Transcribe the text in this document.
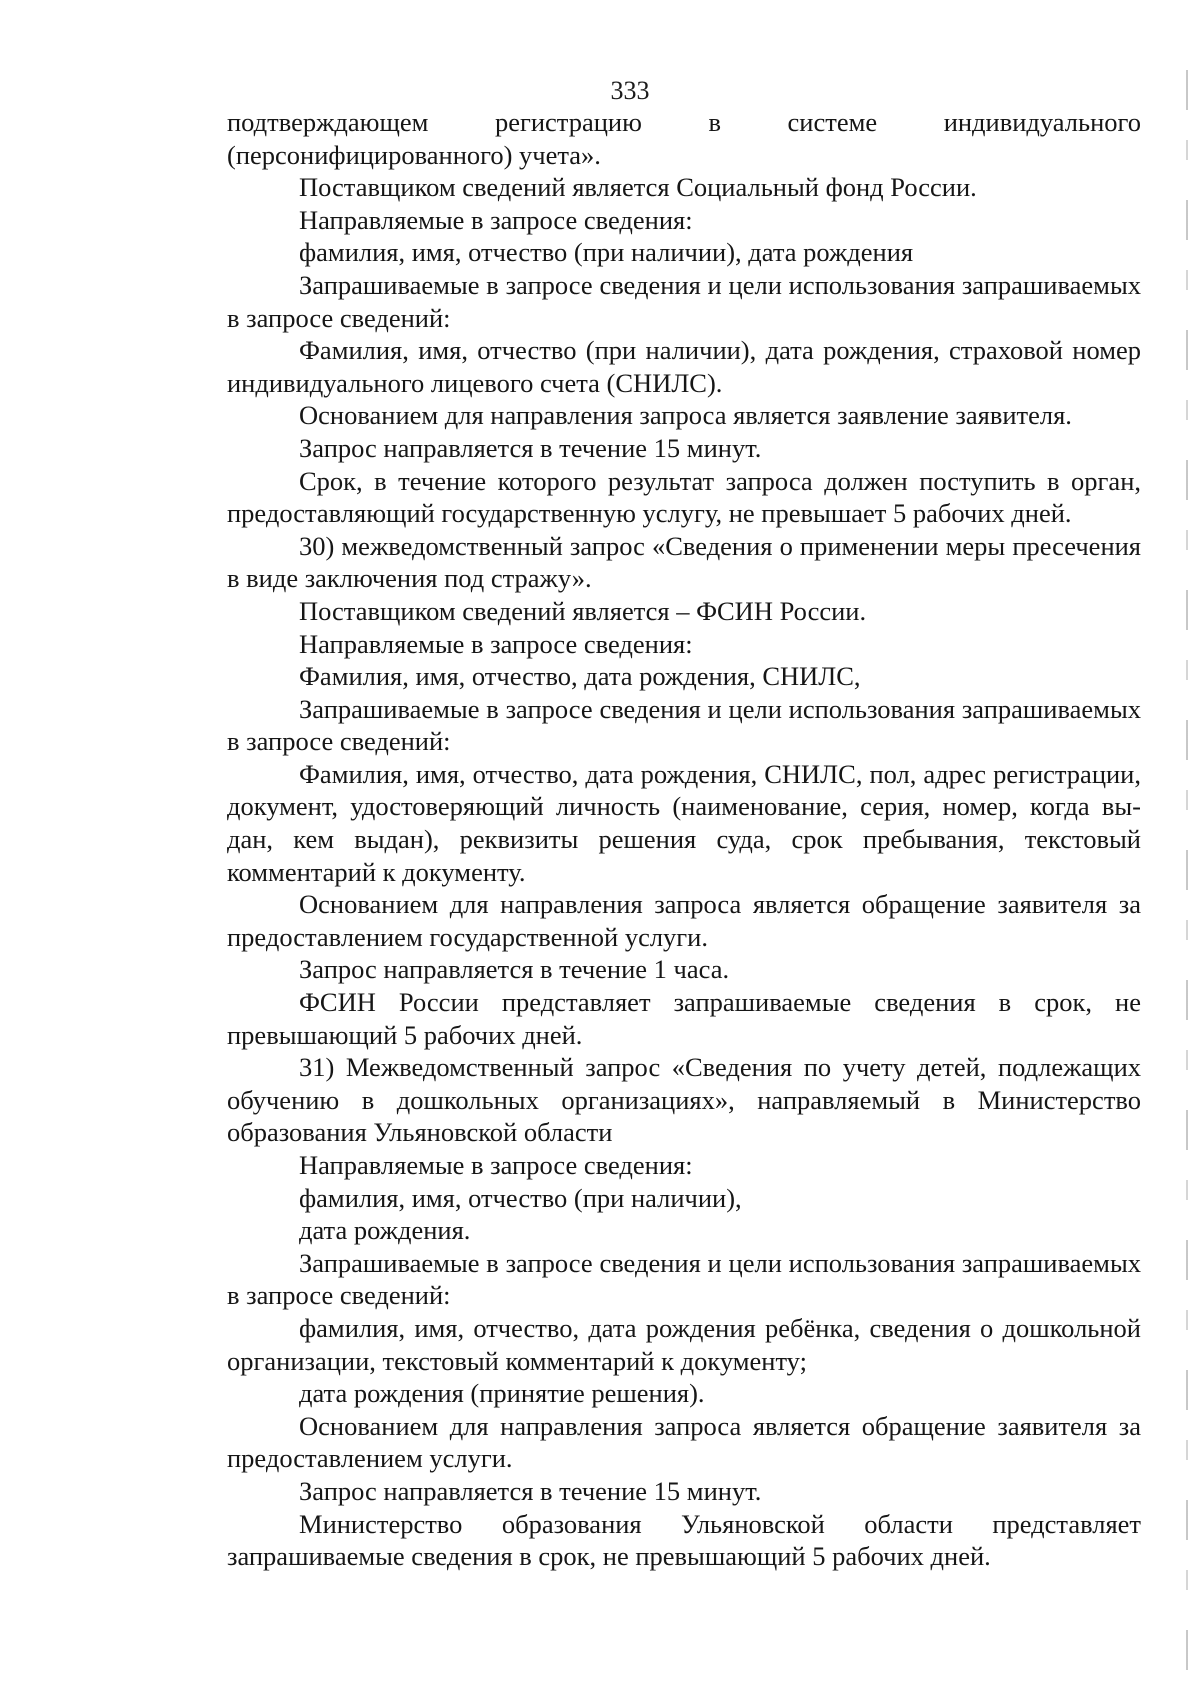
333

подтверждающем регистрацию в системе индивидуального (персонифицированного) учета».

Поставщиком сведений является Социальный фонд России.

Направляемые в запросе сведения:

фамилия, имя, отчество (при наличии), дата рождения

Запрашиваемые в запросе сведения и цели использования запрашиваемых в запросе сведений:

Фамилия, имя, отчество (при наличии), дата рождения, страховой номер индивидуального лицевого счета (СНИЛС).

Основанием для направления запроса является заявление заявителя.

Запрос направляется в течение 15 минут.

Срок, в течение которого результат запроса должен поступить в орган, предоставляющий государственную услугу, не превышает 5 рабочих дней.

30) межведомственный запрос «Сведения о применении меры пресечения в виде заключения под стражу».

Поставщиком сведений является – ФСИН России.

Направляемые в запросе сведения:

Фамилия, имя, отчество, дата рождения, СНИЛС,

Запрашиваемые в запросе сведения и цели использования запрашиваемых в запросе сведений:

Фамилия, имя, отчество, дата рождения, СНИЛС, пол, адрес регистрации, документ, удостоверяющий личность (наименование, серия, номер, когда вы-дан, кем выдан), реквизиты решения суда, срок пребывания, текстовый комментарий к документу.

Основанием для направления запроса является обращение заявителя за предоставлением государственной услуги.

Запрос направляется в течение 1 часа.

ФСИН России представляет запрашиваемые сведения в срок, не превышающий 5 рабочих дней.

31) Межведомственный запрос «Сведения по учету детей, подлежащих обучению в дошкольных организациях», направляемый в Министерство образования Ульяновской области

Направляемые в запросе сведения:

фамилия, имя, отчество (при наличии),

дата рождения.

Запрашиваемые в запросе сведения и цели использования запрашиваемых в запросе сведений:

фамилия, имя, отчество, дата рождения ребёнка, сведения о дошкольной организации, текстовый комментарий к документу;

дата рождения (принятие решения).

Основанием для направления запроса является обращение заявителя за предоставлением услуги.

Запрос направляется в течение 15 минут.

Министерство образования Ульяновской области представляет запрашиваемые сведения в срок, не превышающий 5 рабочих дней.
